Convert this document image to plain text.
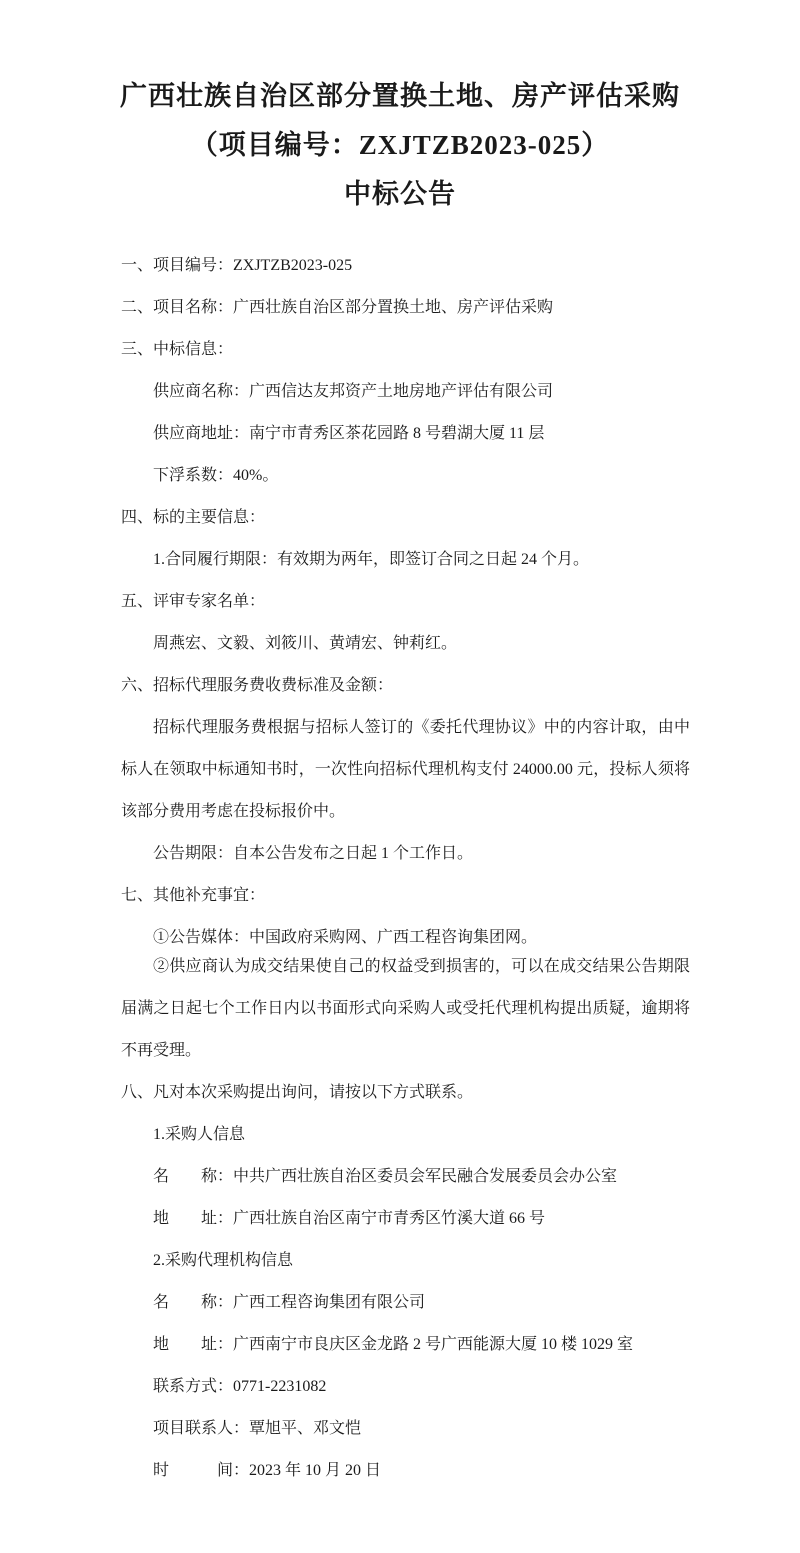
广西壮族自治区部分置换土地、房产评估采购

（项目编号：ZXJTZB2023-025）

中标公告

一、项目编号：ZXJTZB2023-025

二、项目名称：广西壮族自治区部分置换土地、房产评估采购

三、中标信息：

供应商名称：广西信达友邦资产土地房地产评估有限公司

供应商地址：南宁市青秀区茶花园路 8 号碧湖大厦 11 层

下浮系数：40%。

四、标的主要信息：

1.合同履行期限：有效期为两年，即签订合同之日起 24 个月。

五、评审专家名单：

周燕宏、文毅、刘筱川、黄靖宏、钟莉红。

六、招标代理服务费收费标准及金额：

招标代理服务费根据与招标人签订的《委托代理协议》中的内容计取，由中标人在领取中标通知书时，一次性向招标代理机构支付 24000.00 元，投标人须将该部分费用考虑在投标报价中。

公告期限：自本公告发布之日起 1 个工作日。

七、其他补充事宜：

①公告媒体：中国政府采购网、广西工程咨询集团网。

②供应商认为成交结果使自己的权益受到损害的，可以在成交结果公告期限届满之日起七个工作日内以书面形式向采购人或受托代理机构提出质疑，逾期将不再受理。

八、凡对本次采购提出询问，请按以下方式联系。

1.采购人信息

名　　称：中共广西壮族自治区委员会军民融合发展委员会办公室

地　　址：广西壮族自治区南宁市青秀区竹溪大道 66 号

2.采购代理机构信息

名　　称：广西工程咨询集团有限公司

地　　址：广西南宁市良庆区金龙路 2 号广西能源大厦 10 楼 1029 室

联系方式：0771-2231082

项目联系人：覃旭平、邓文恺

时　　　间：2023 年 10 月 20 日
